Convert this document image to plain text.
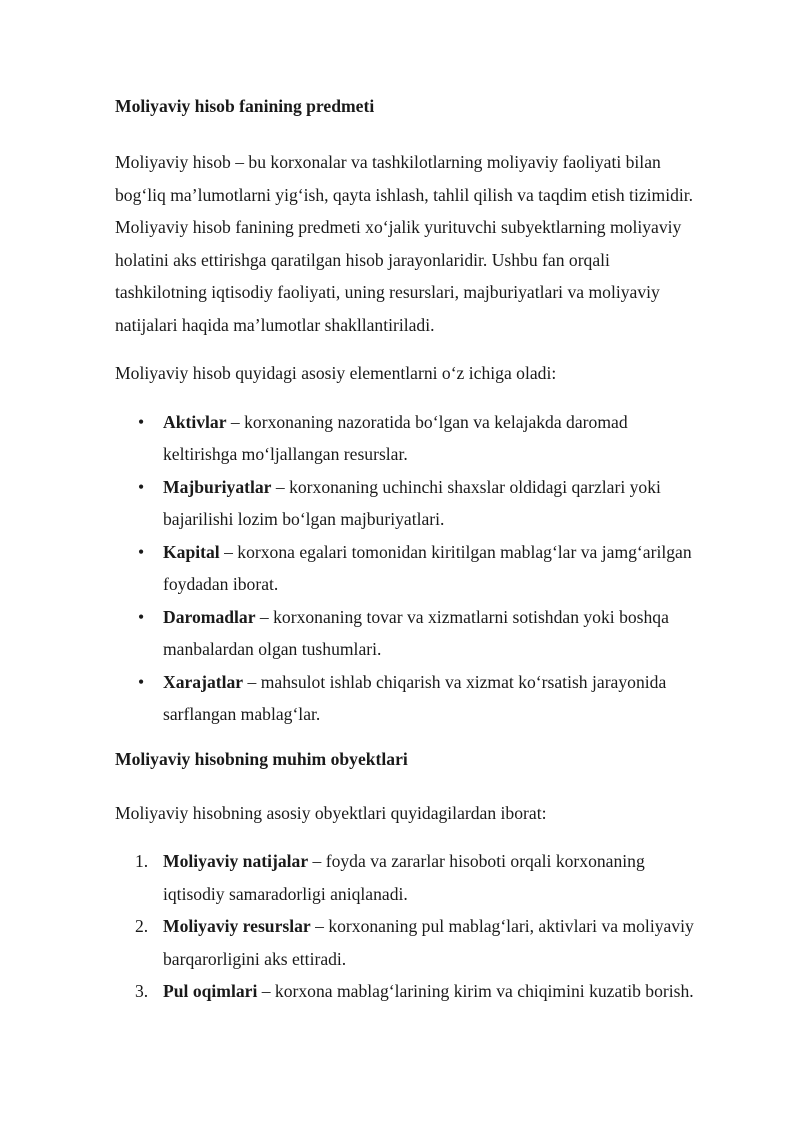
Moliyaviy hisob fanining predmeti

Moliyaviy hisob – bu korxonalar va tashkilotlarning moliyaviy faoliyati bilan

bog‘liq ma’lumotlarni yig‘ish, qayta ishlash, tahlil qilish va taqdim etish tizimidir.

Moliyaviy hisob fanining predmeti xo‘jalik yurituvchi subyektlarning moliyaviy

holatini aks ettirishga qaratilgan hisob jarayonlaridir. Ushbu fan orqali

tashkilotning iqtisodiy faoliyati, uning resurslari, majburiyatlari va moliyaviy

natijalari haqida ma’lumotlar shakllantiriladi.

Moliyaviy hisob quyidagi asosiy elementlarni o‘z ichiga oladi:

• Aktivlar – korxonaning nazoratida bo‘lgan va kelajakda daromad
keltirishga mo‘ljallangan resurslar.
• Majburiyatlar – korxonaning uchinchi shaxslar oldidagi qarzlari yoki
bajarilishi lozim bo‘lgan majburiyatlari.
• Kapital – korxona egalari tomonidan kiritilgan mablag‘lar va jamg‘arilgan
foydadan iborat.
• Daromadlar – korxonaning tovar va xizmatlarni sotishdan yoki boshqa
manbalardan olgan tushumlari.
• Xarajatlar – mahsulot ishlab chiqarish va xizmat ko‘rsatish jarayonida
sarflangan mablag‘lar.
Moliyaviy hisobning muhim obyektlari

Moliyaviy hisobning asosiy obyektlari quyidagilardan iborat:

1. Moliyaviy natijalar – foyda va zararlar hisoboti orqali korxonaning
iqtisodiy samaradorligi aniqlanadi.
2. Moliyaviy resurslar – korxonaning pul mablag‘lari, aktivlari va moliyaviy
barqarorligini aks ettiradi.
3. Pul oqimlari – korxona mablag‘larining kirim va chiqimini kuzatib borish.
